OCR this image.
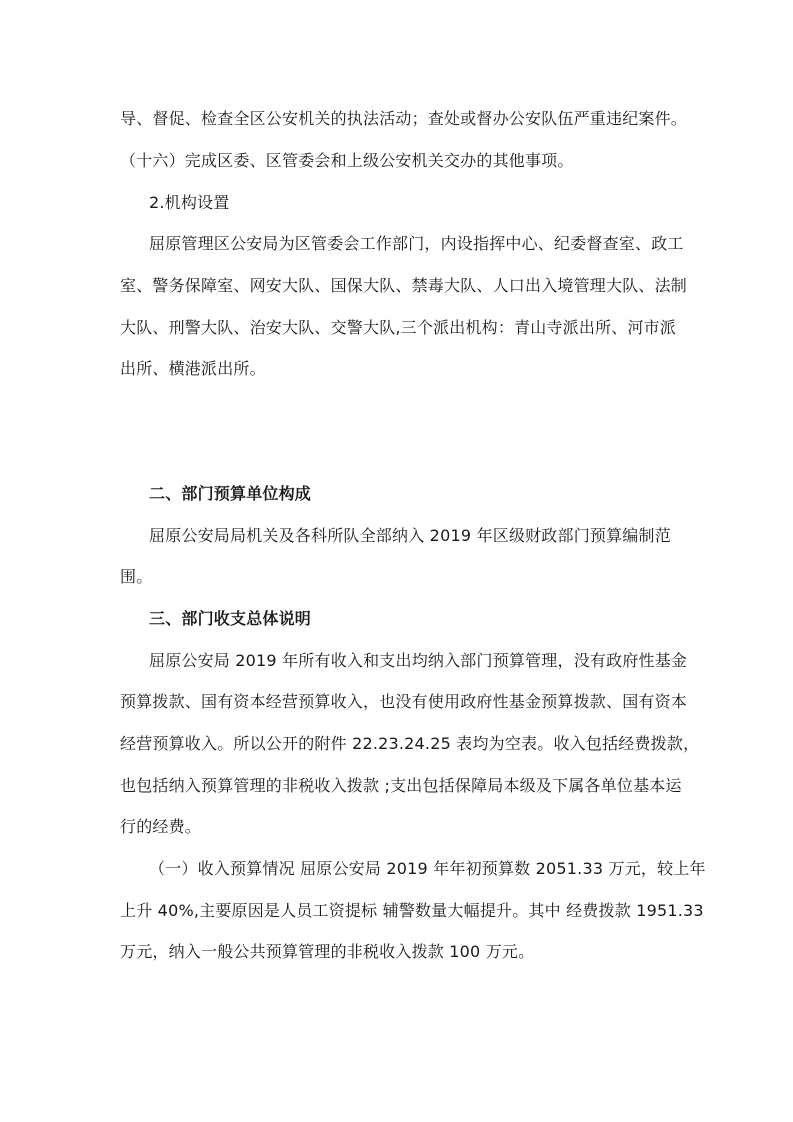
导、督促、检查全区公安机关的执法活动；查处或督办公安队伍严重违纪案件。

（十六）完成区委、区管委会和上级公安机关交办的其他事项。

2.机构设置

屈原管理区公安局为区管委会工作部门，内设指挥中心、纪委督查室、政工

室、警务保障室、网安大队、国保大队、禁毒大队、人口出入境管理大队、法制

大队、刑警大队、治安大队、交警大队,三个派出机构：青山寺派出所、河市派

出所、横港派出所。

二、部门预算单位构成

屈原公安局局机关及各科所队全部纳入 2019 年区级财政部门预算编制范

围。

三、部门收支总体说明

屈原公安局 2019 年所有收入和支出均纳入部门预算管理，没有政府性基金

预算拨款、国有资本经营预算收入，也没有使用政府性基金预算拨款、国有资本

经营预算收入。所以公开的附件 22.23.24.25 表均为空表。收入包括经费拨款，

也包括纳入预算管理的非税收入拨款 ;支出包括保障局本级及下属各单位基本运

行的经费。

（一）收入预算情况 屈原公安局 2019 年年初预算数 2051.33 万元，较上年

上升 40%,主要原因是人员工资提标 辅警数量大幅提升。其中 经费拨款 1951.33

万元，纳入一般公共预算管理的非税收入拨款 100 万元。
